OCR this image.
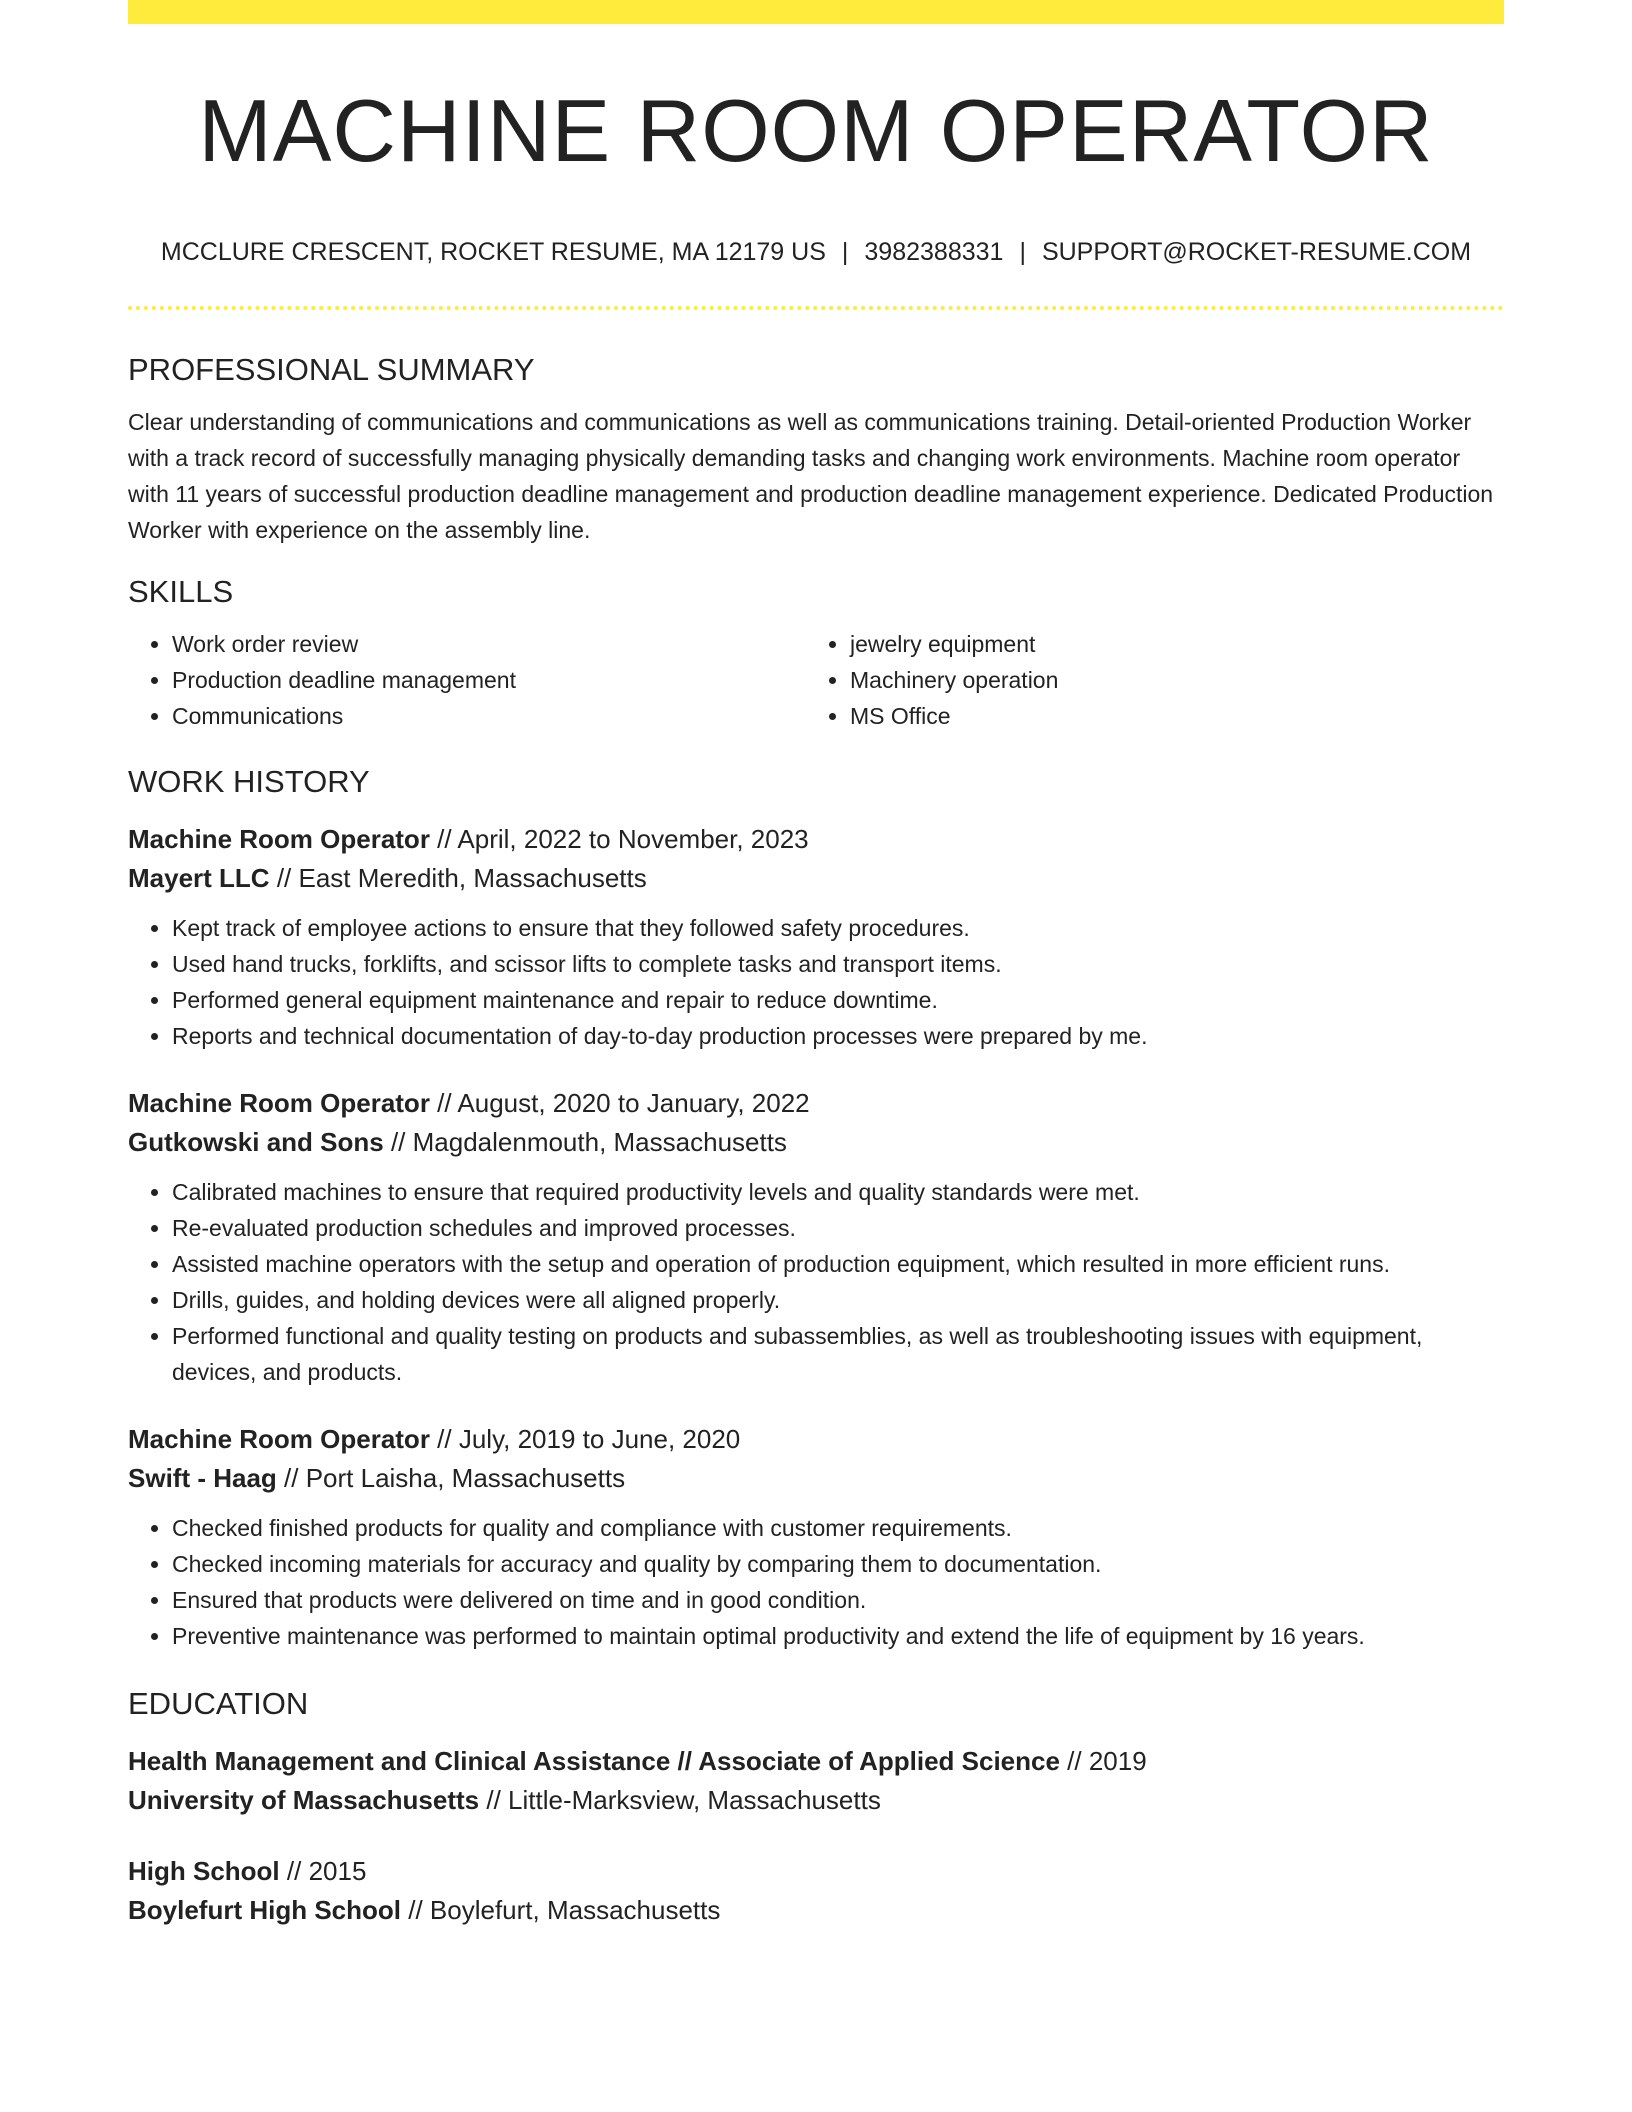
MACHINE ROOM OPERATOR
MCCLURE CRESCENT, ROCKET RESUME, MA 12179 US | 3982388331 | SUPPORT@ROCKET-RESUME.COM
PROFESSIONAL SUMMARY

Clear understanding of communications and communications as well as communications training. Detail-oriented Production Worker with a track record of successfully managing physically demanding tasks and changing work environments. Machine room operator with 11 years of successful production deadline management and production deadline management experience. Dedicated Production Worker with experience on the assembly line.

SKILLS
• Work order review
• Production deadline management
• Communications
• jewelry equipment
• Machinery operation
• MS Office
WORK HISTORY
Machine Room Operator // April, 2022 to November, 2023
Mayert LLC // East Meredith, Massachusetts
• Kept track of employee actions to ensure that they followed safety procedures.
• Used hand trucks, forklifts, and scissor lifts to complete tasks and transport items.
• Performed general equipment maintenance and repair to reduce downtime.
• Reports and technical documentation of day-to-day production processes were prepared by me.
Machine Room Operator // August, 2020 to January, 2022
Gutkowski and Sons // Magdalenmouth, Massachusetts
• Calibrated machines to ensure that required productivity levels and quality standards were met.
• Re-evaluated production schedules and improved processes.
• Assisted machine operators with the setup and operation of production equipment, which resulted in more efficient runs.
• Drills, guides, and holding devices were all aligned properly.
• Performed functional and quality testing on products and subassemblies, as well as troubleshooting issues with equipment, devices, and products.
Machine Room Operator // July, 2019 to June, 2020
Swift - Haag // Port Laisha, Massachusetts
• Checked finished products for quality and compliance with customer requirements.
• Checked incoming materials for accuracy and quality by comparing them to documentation.
• Ensured that products were delivered on time and in good condition.
• Preventive maintenance was performed to maintain optimal productivity and extend the life of equipment by 16 years.
EDUCATION
Health Management and Clinical Assistance // Associate of Applied Science // 2019
University of Massachusetts // Little-Marksview, Massachusetts
High School // 2015
Boylefurt High School // Boylefurt, Massachusetts
